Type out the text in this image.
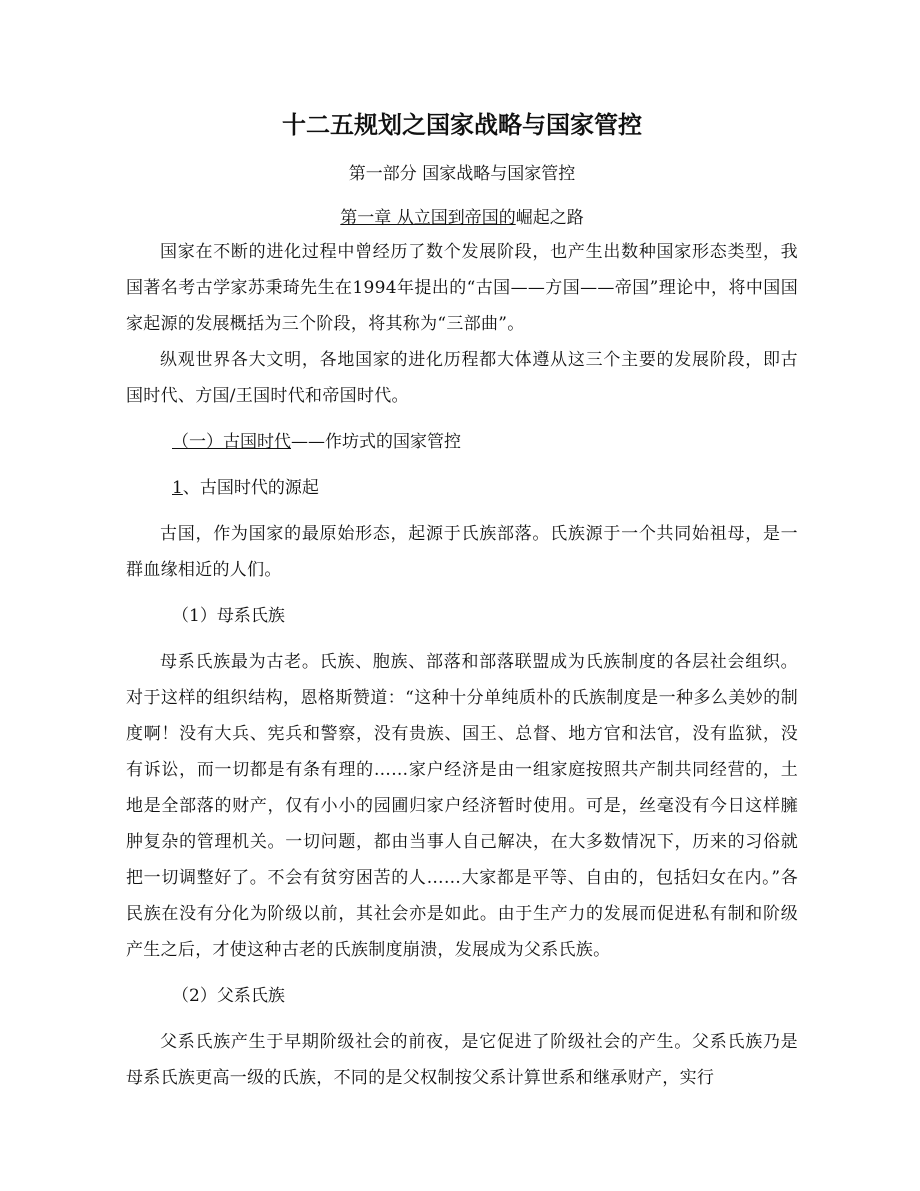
十二五规划之国家战略与国家管控
第一部分 国家战略与国家管控
第一章 从立国到帝国的崛起之路

国家在不断的进化过程中曾经历了数个发展阶段，也产生出数种国家形态类型，我国著名考古学家苏秉琦先生在1994年提出的“古国——方国——帝国”理论中，将中国国家起源的发展概括为三个阶段，将其称为“三部曲”。

纵观世界各大文明，各地国家的进化历程都大体遵从这三个主要的发展阶段，即古国时代、方国/王国时代和帝国时代。

（一）古国时代——作坊式的国家管控
1、古国时代的源起

古国，作为国家的最原始形态，起源于氏族部落。氏族源于一个共同始祖母，是一群血缘相近的人们。

（1）母系氏族

母系氏族最为古老。氏族、胞族、部落和部落联盟成为氏族制度的各层社会组织。对于这样的组织结构，恩格斯赞道：“这种十分单纯质朴的氏族制度是一种多么美妙的制度啊！没有大兵、宪兵和警察，没有贵族、国王、总督、地方官和法官，没有监狱，没有诉讼，而一切都是有条有理的……家户经济是由一组家庭按照共产制共同经营的，土地是全部落的财产，仅有小小的园圃归家户经济暂时使用。可是，丝毫没有今日这样臃肿复杂的管理机关。一切问题，都由当事人自己解决，在大多数情况下，历来的习俗就把一切调整好了。不会有贫穷困苦的人……大家都是平等、自由的，包括妇女在内。”各民族在没有分化为阶级以前，其社会亦是如此。由于生产力的发展而促进私有制和阶级产生之后，才使这种古老的氏族制度崩溃，发展成为父系氏族。

（2）父系氏族

父系氏族产生于早期阶级社会的前夜，是它促进了阶级社会的产生。父系氏族乃是母系氏族更高一级的氏族，不同的是父权制按父系计算世系和继承财产，实行
